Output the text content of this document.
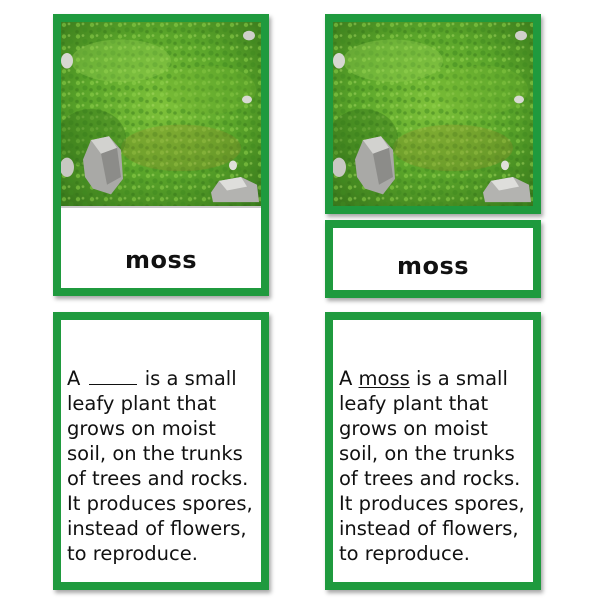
moss	moss
A	is a small
leafy plant that
grows on moist
soil, on the trunks
of trees and rocks.
It produces spores,
instead of flowers,
to reproduce.
A moss is a small
leafy plant that
grows on moist
soil, on the trunks
of trees and rocks.
It produces spores,
instead of flowers,
to reproduce.
